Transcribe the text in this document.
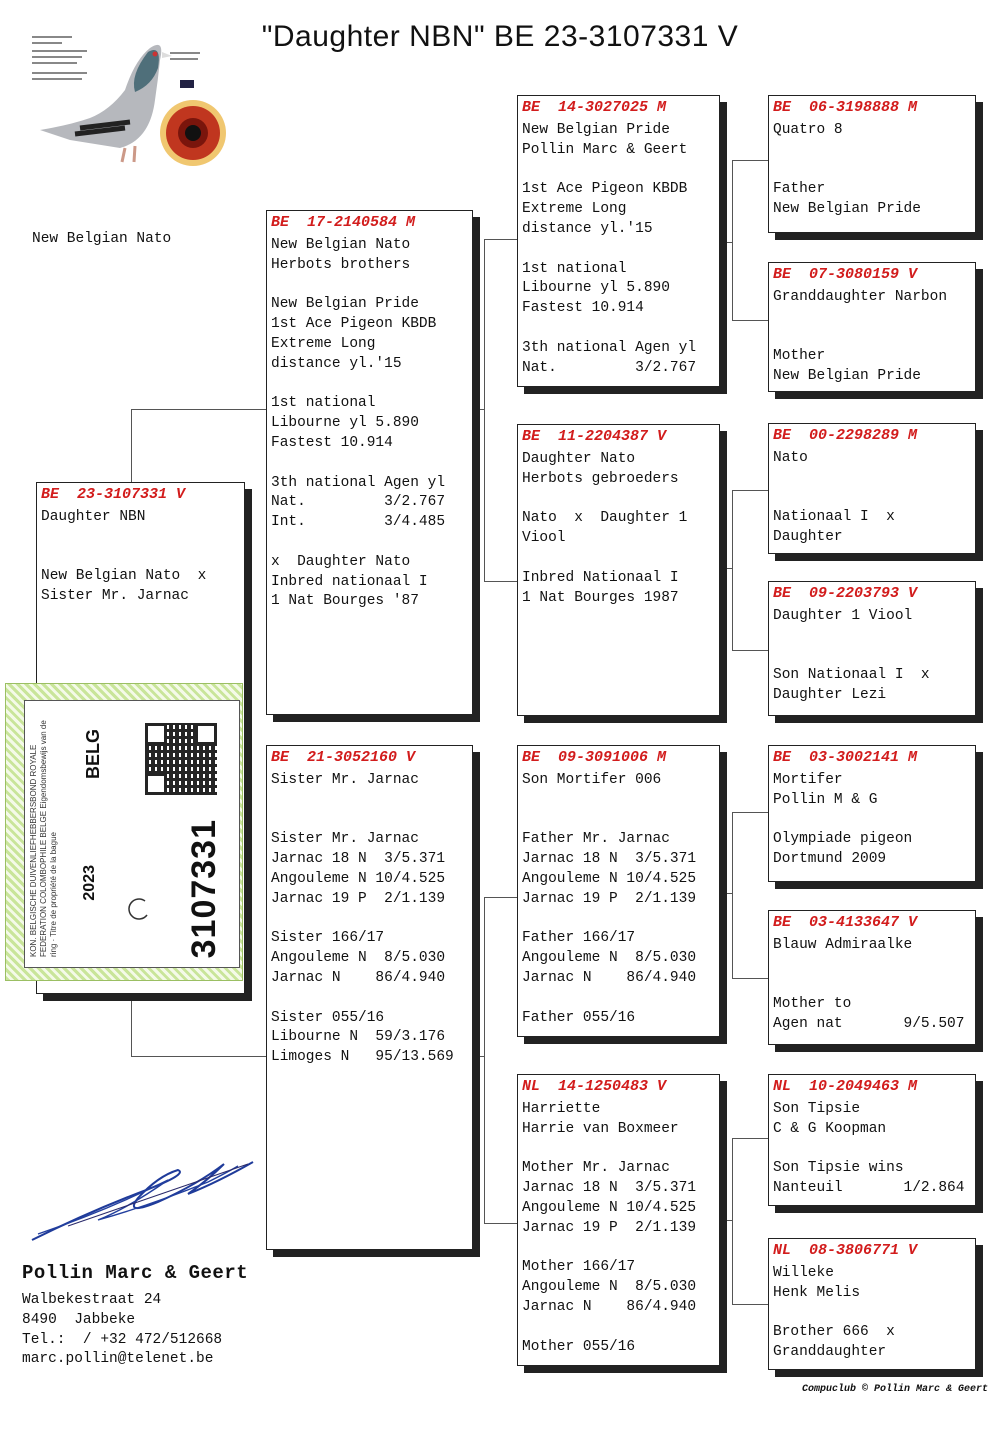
"Daughter NBN" BE 23-3107331 V
New Belgian Nato
BE  23-3107331 V
Daughter NBN

New Belgian Nato  x
Sister Mr. Jarnac
KON. BELGISCHE DUIVENLIEFHEBBERSBOND ROYALE FEDERATION COLOMBOPHILE BELGE Eigendomsbewijs van de ring · Titre de propriété de la bague
BELG
2023	3107331
BE  17-2140584 M
New Belgian Nato
Herbots brothers

New Belgian Pride
1st Ace Pigeon KBDB
Extreme Long
distance yl.'15

1st national
Libourne yl 5.890
Fastest 10.914

3th national Agen yl
Nat.         3/2.767
Int.         3/4.485

x  Daughter Nato
Inbred nationaal I
1 Nat Bourges '87
BE  21-3052160 V
Sister Mr. Jarnac

Sister Mr. Jarnac
Jarnac 18 N  3/5.371
Angouleme N 10/4.525
Jarnac 19 P  2/1.139

Sister 166/17
Angouleme N  8/5.030
Jarnac N    86/4.940

Sister 055/16
Libourne N  59/3.176
Limoges N   95/13.569
BE  14-3027025 M
New Belgian Pride
Pollin Marc & Geert

1st Ace Pigeon KBDB
Extreme Long
distance yl.'15

1st national
Libourne yl 5.890
Fastest 10.914

3th national Agen yl
Nat.         3/2.767
BE  11-2204387 V
Daughter Nato
Herbots gebroeders

Nato  x  Daughter 1
Viool

Inbred Nationaal I
1 Nat Bourges 1987
BE  09-3091006 M
Son Mortifer 006

Father Mr. Jarnac
Jarnac 18 N  3/5.371
Angouleme N 10/4.525
Jarnac 19 P  2/1.139

Father 166/17
Angouleme N  8/5.030
Jarnac N    86/4.940

Father 055/16
NL  14-1250483 V
Harriette
Harrie van Boxmeer

Mother Mr. Jarnac
Jarnac 18 N  3/5.371
Angouleme N 10/4.525
Jarnac 19 P  2/1.139

Mother 166/17
Angouleme N  8/5.030
Jarnac N    86/4.940

Mother 055/16
BE  06-3198888 M
Quatro 8

Father
New Belgian Pride
BE  07-3080159 V
Granddaughter Narbon

Mother
New Belgian Pride
BE  00-2298289 M
Nato

Nationaal I  x
Daughter
BE  09-2203793 V
Daughter 1 Viool

Son Nationaal I  x
Daughter Lezi
BE  03-3002141 M
Mortifer
Pollin M & G

Olympiade pigeon
Dortmund 2009
BE  03-4133647 V
Blauw Admiraalke

Mother to
Agen nat       9/5.507
NL  10-2049463 M
Son Tipsie
C & G Koopman

Son Tipsie wins
Nanteuil       1/2.864
NL  08-3806771 V
Willeke
Henk Melis

Brother 666  x
Granddaughter
Pollin Marc & Geert
Walbekestraat 24
8490  Jabbeke
Tel.:  / +32 472/512668
marc.pollin@telenet.be
Compuclub © Pollin Marc & Geert
